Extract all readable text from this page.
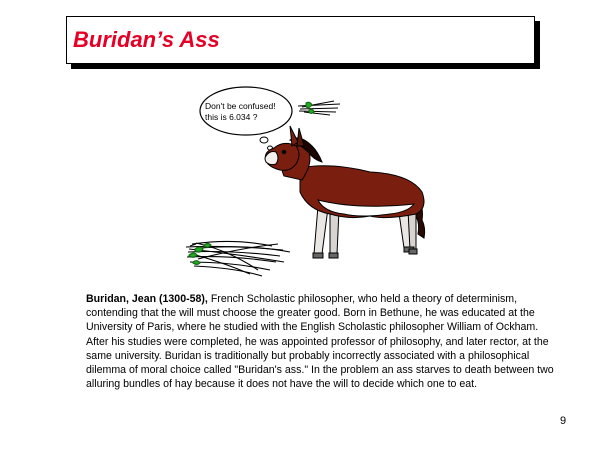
Buridan’s Ass
Don't be confused! this is 6.034 ?
Buridan, Jean (1300-58), French Scholastic philosopher, who held a theory of determinism, contending that the will must choose the greater good. Born in Bethune, he was educated at the University of Paris, where he studied with the English Scholastic philosopher William of Ockham. After his studies were completed, he was appointed professor of philosophy, and later rector, at the same university. Buridan is traditionally but probably incorrectly associated with a philosophical dilemma of moral choice called "Buridan's ass." In the problem an ass starves to death between two alluring bundles of hay because it does not have the will to decide which one to eat.
9
